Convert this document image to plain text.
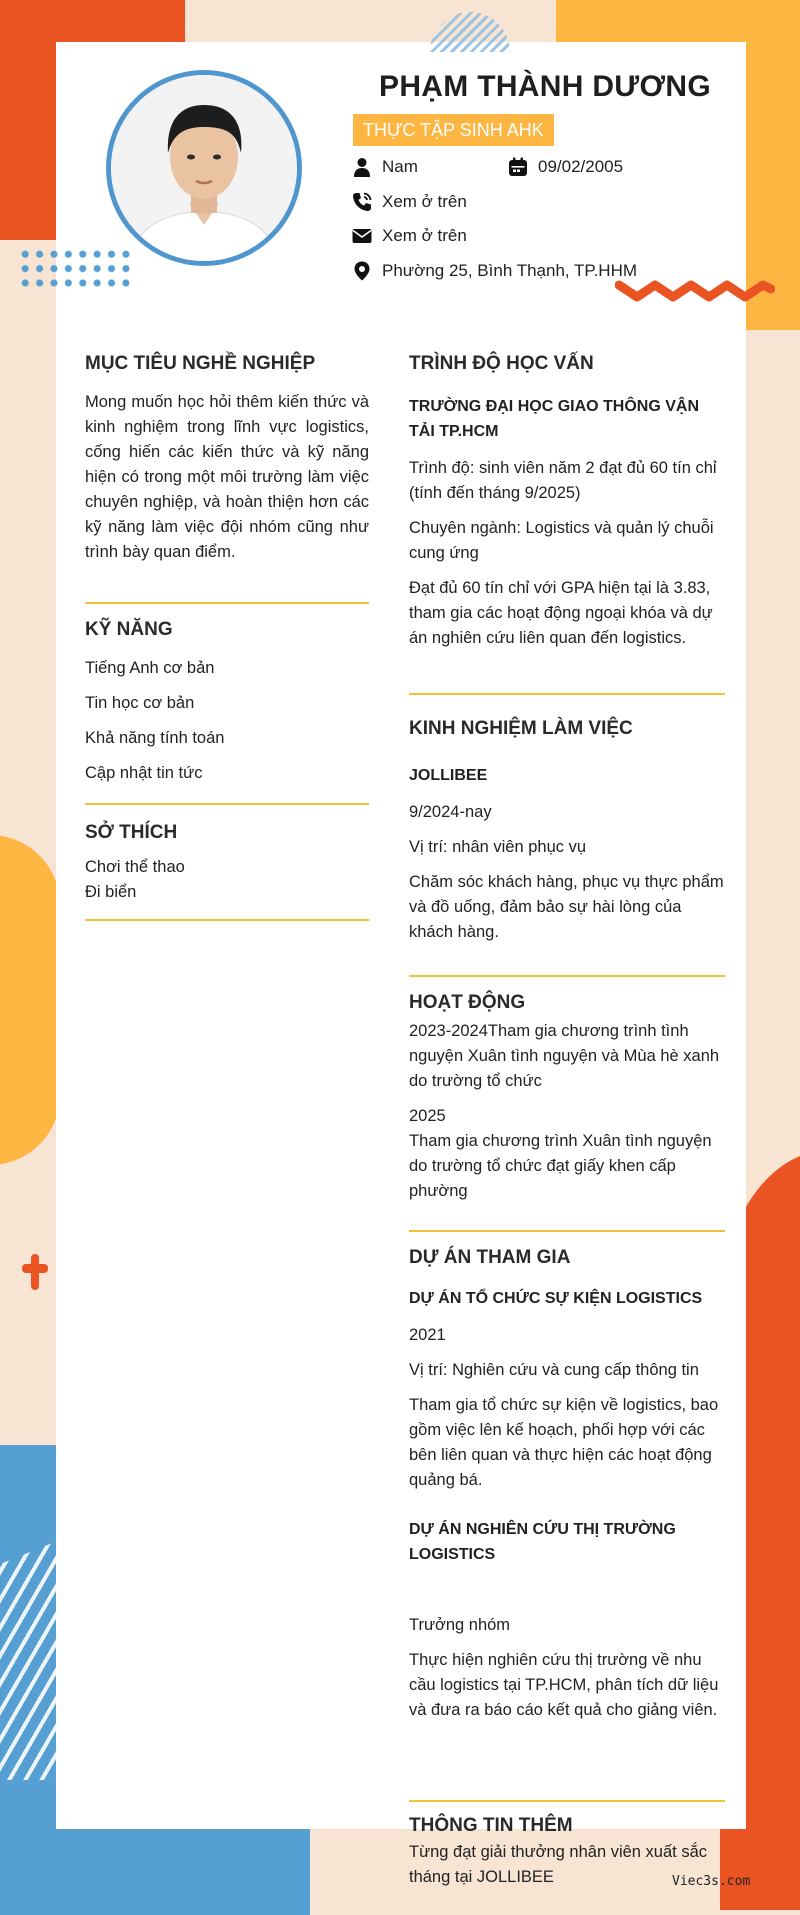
PHẠM THÀNH DƯƠNG
THỰC TẬP SINH AHK
Nam	09/02/2005
Xem ở trên
Xem ở trên
Phường 25, Bình Thạnh, TP.HHM
MỤC TIÊU NGHỀ NGHIỆP

Mong muốn học hỏi thêm kiến thức và kinh nghiệm trong lĩnh vực logistics, cống hiến các kiến thức và kỹ năng hiện có trong một môi trường làm việc chuyên nghiệp, và hoàn thiện hơn các kỹ năng làm việc đội nhóm cũng như trình bày quan điểm.

KỸ NĂNG
Tiếng Anh cơ bản
Tin học cơ bản
Khả năng tính toán
Cập nhật tin tức
SỞ THÍCH
Chơi thể thao
Đi biển
TRÌNH ĐỘ HỌC VẤN
TRƯỜNG ĐẠI HỌC GIAO THÔNG VẬN TẢI TP.HCM

Trình độ: sinh viên năm 2 đạt đủ 60 tín chỉ (tính đến tháng 9/2025)

Chuyên ngành: Logistics và quản lý chuỗi cung ứng

Đạt đủ 60 tín chỉ với GPA hiện tại là 3.83, tham gia các hoạt động ngoại khóa và dự án nghiên cứu liên quan đến logistics.

KINH NGHIỆM LÀM VIỆC
JOLLIBEE

9/2024-nay

Vị trí: nhân viên phục vụ

Chăm sóc khách hàng, phục vụ thực phẩm và đồ uống, đảm bảo sự hài lòng của khách hàng.

HOẠT ĐỘNG

2023-2024Tham gia chương trình tình nguyện Xuân tình nguyện và Mùa hè xanh do trường tổ chức

2025

Tham gia chương trình Xuân tình nguyện do trường tổ chức đạt giấy khen cấp phường

DỰ ÁN THAM GIA
DỰ ÁN TỔ CHỨC SỰ KIỆN LOGISTICS

2021

Vị trí: Nghiên cứu và cung cấp thông tin

Tham gia tổ chức sự kiện về logistics, bao gồm việc lên kế hoạch, phối hợp với các bên liên quan và thực hiện các hoạt động quảng bá.

DỰ ÁN NGHIÊN CỨU THỊ TRƯỜNG LOGISTICS

Trưởng nhóm

Thực hiện nghiên cứu thị trường về nhu cầu logistics tại TP.HCM, phân tích dữ liệu và đưa ra báo cáo kết quả cho giảng viên.

THÔNG TIN THÊM

Từng đạt giải thưởng nhân viên xuất sắc tháng tại JOLLIBEE	Viec3s.com
